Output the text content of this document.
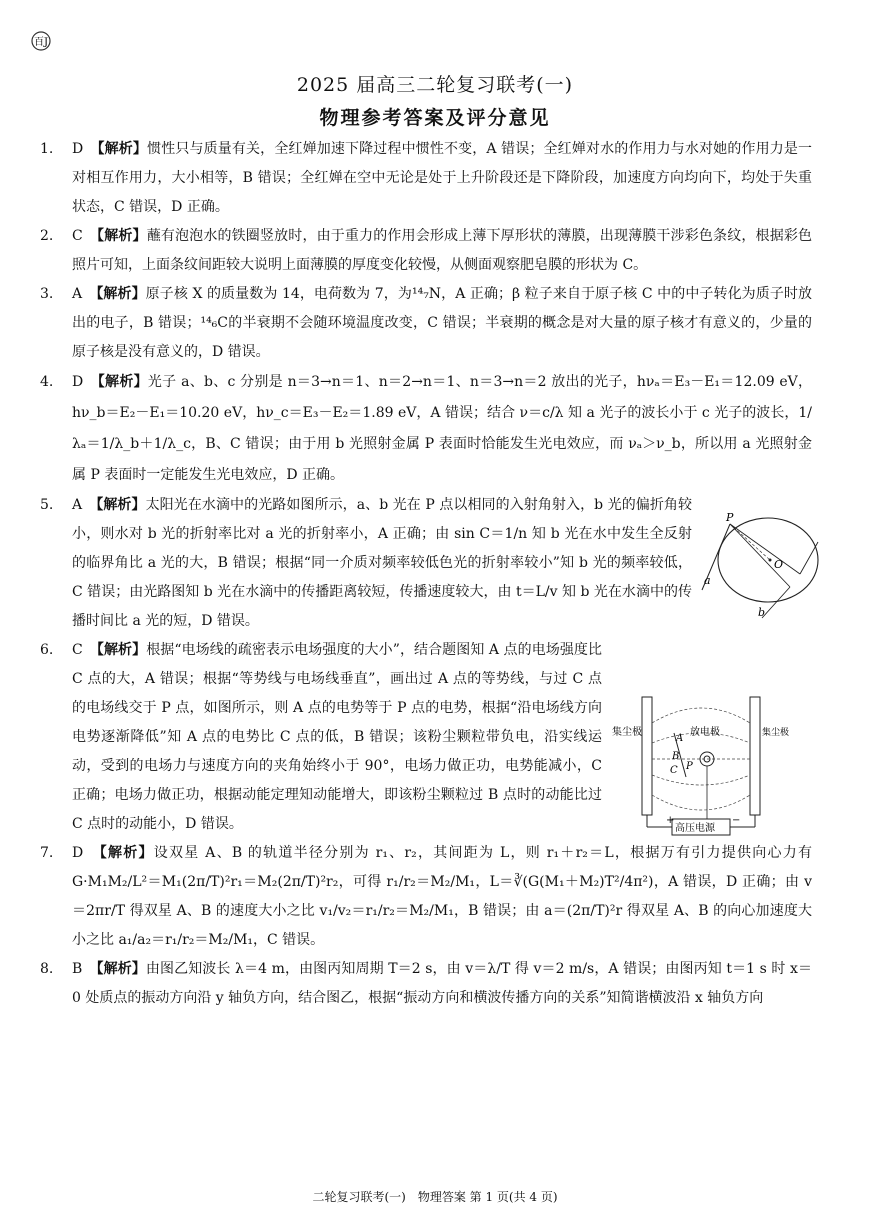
百J
2025 届高三二轮复习联考(一)
物理参考答案及评分意见

1.	D　 【解析】惯性只与质量有关，全红婵加速下降过程中惯性不变，A 错误；全红婵对水的作用力与水对她的作用力是一对相互作用力，大小相等，B 错误；全红婵在空中无论是处于上升阶段还是下降阶段，加速度方向均向下，均处于失重状态，C 错误，D 正确。

2.	C　 【解析】蘸有泡泡水的铁圈竖放时，由于重力的作用会形成上薄下厚形状的薄膜，出现薄膜干涉彩色条纹，根据彩色照片可知，上面条纹间距较大说明上面薄膜的厚度变化较慢，从侧面观察肥皂膜的形状为 C。

3.	A　 【解析】原子核 X 的质量数为 14，电荷数为 7，为¹⁴₇N，A 正确；β 粒子来自于原子核 C 中的中子转化为质子时放出的电子，B 错误；¹⁴₆C的半衰期不会随环境温度改变，C 错误；半衰期的概念是对大量的原子核才有意义的，少量的原子核是没有意义的，D 错误。

4.	D　 【解析】光子 a、b、c 分别是 n＝3→n＝1、n＝2→n＝1、n＝3→n＝2 放出的光子，hνₐ＝E₃－E₁＝12.09 eV，hν_b＝E₂－E₁＝10.20 eV，hν_c＝E₃－E₂＝1.89 eV，A 错误；结合 ν＝c/λ 知 a 光子的波长小于 c 光子的波长，1/λₐ＝1/λ_b＋1/λ_c，B、C 错误；由于用 b 光照射金属 P 表面时恰能发生光电效应，而 νₐ＞ν_b，所以用 a 光照射金属 P 表面时一定能发生光电效应，D 正确。

5.	A　 【解析】太阳光在水滴中的光路如图所示，a、b 光在 P 点以相同的入射角射入，b 光的偏折角较小，则水对 b 光的折射率比对 a 光的折射率小，A 正确；由 sin C＝1/n 知 b 光在水中发生全反射的临界角比 a 光的大，B 错误；根据“同一介质对频率较低色光的折射率较小”知 b 光的频率较低，C 错误；由光路图知 b 光在水滴中的传播距离较短，传播速度较大，由 t＝L/v 知 b 光在水滴中的传播时间比 a 光的短，D 错误。

6.	C　 【解析】根据“电场线的疏密表示电场强度的大小”，结合题图知 A 点的电场强度比 C 点的大，A 错误；根据“等势线与电场线垂直”，画出过 A 点的等势线，与过 C 点的电场线交于 P 点，如图所示，则 A 点的电势等于 P 点的电势，根据“沿电场线方向电势逐渐降低”知 A 点的电势比 C 点的低，B 错误；该粉尘颗粒带负电，沿实线运动，受到的电场力与速度方向的夹角始终小于 90°，电场力做正功，电势能减小，C 正确；电场力做正功，根据动能定理知动能增大，即该粉尘颗粒过 B 点时的动能比过 C 点时的动能小，D 错误。

7.	D　 【解析】设双星 A、B 的轨道半径分别为 r₁、r₂，其间距为 L，则 r₁＋r₂＝L，根据万有引力提供向心力有 G·M₁M₂/L²＝M₁(2π/T)²r₁＝M₂(2π/T)²r₂，可得 r₁/r₂＝M₂/M₁，L＝∛(G(M₁＋M₂)T²/4π²)，A 错误，D 正确；由 v＝2πr/T 得双星 A、B 的速度大小之比 v₁/v₂＝r₁/r₂＝M₂/M₁，B 错误；由 a＝(2π/T)²r 得双星 A、B 的向心加速度大小之比 a₁/a₂＝r₁/r₂＝M₂/M₁，C 错误。

8.	B　 【解析】由图乙知波长 λ＝4 m，由图丙知周期 T＝2 s，由 v＝λ/T 得 v＝2 m/s，A 错误；由图丙知 t＝1 s 时 x＝0 处质点的振动方向沿 y 轴负方向，结合图乙，根据“振动方向和横波传播方向的关系”知简谐横波沿 x 轴负方向

P
O
a
b
集尘极	放电极	集尘极
高压电源
+	−
A
B
C P
二轮复习联考(一)　物理答案 第 1 页(共 4 页)
